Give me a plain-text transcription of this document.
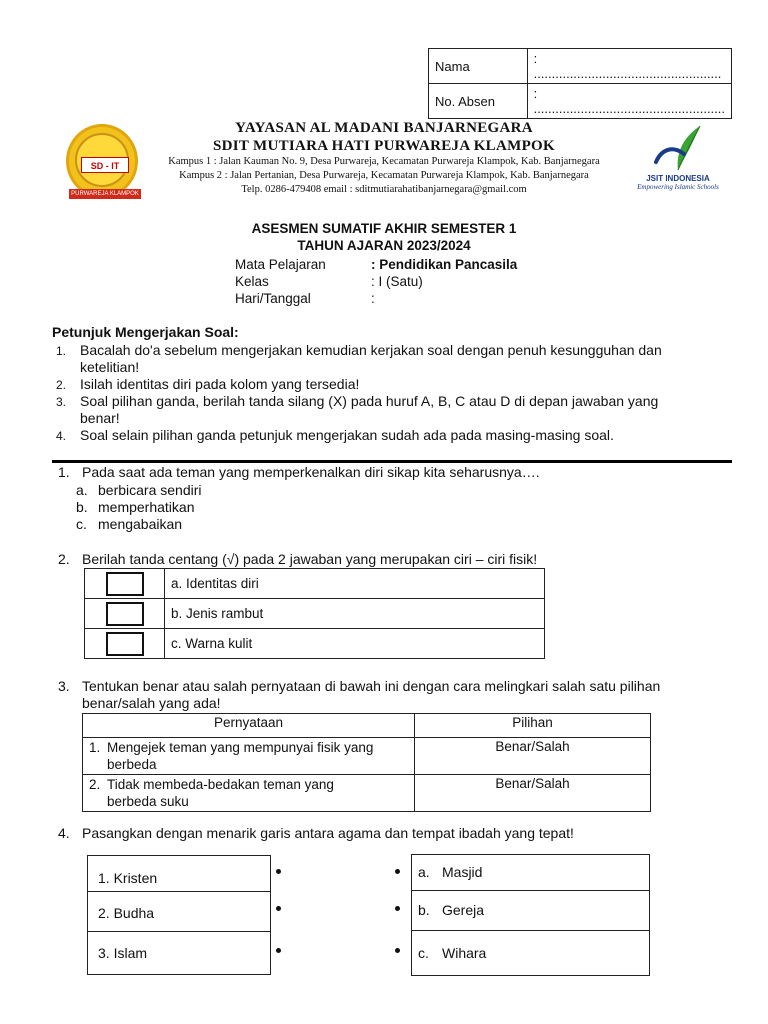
Nama	: ....................................................
No. Absen	: .....................................................
SD - IT
PURWAREJA KLAMPOK
YAYASAN AL MADANI BANJARNEGARA
SDIT MUTIARA HATI PURWAREJA KLAMPOK
Kampus 1 : Jalan Kauman No. 9, Desa Purwareja, Kecamatan Purwareja Klampok, Kab. Banjarnegara
Kampus 2 : Jalan Pertanian, Desa Purwareja, Kecamatan Purwareja Klampok, Kab. Banjarnegara
Telp. 0286-479408 email : sditmutiarahatibanjarnegara@gmail.com
JSIT INDONESIA
Empowering Islamic Schools
ASESMEN SUMATIF AKHIR SEMESTER 1
TAHUN AJARAN 2023/2024
Mata Pelajaran	: Pendidikan Pancasila
Kelas	: I (Satu)
Hari/Tanggal	:
Petunjuk Mengerjakan Soal:
1. Bacalah do'a sebelum mengerjakan kemudian kerjakan soal dengan penuh kesungguhan dan
ketelitian!
2. Isilah identitas diri pada kolom yang tersedia!
3. Soal pilihan ganda, berilah tanda silang (X) pada huruf A, B, C atau D di depan jawaban yang
benar!
4. Soal selain pilihan ganda petunjuk mengerjakan sudah ada pada masing-masing soal.
1. Pada saat ada teman yang memperkenalkan diri sikap kita seharusnya….
a. berbicara sendiri
b. memperhatikan
c. mengabaikan
2. Berilah tanda centang (√) pada 2 jawaban yang merupakan ciri – ciri fisik!
	a. Identitas diri
	b. Jenis rambut
	c. Warna kulit
3. Tentukan benar atau salah pernyataan di bawah ini dengan cara melingkari salah satu pilihan
benar/salah yang ada!
Pernyataan	Pilihan
1. Mengejek teman yang mempunyai fisik yang
berbeda	Benar/Salah
2. Tidak membeda-bedakan teman yang
berbeda suku	Benar/Salah
4. Pasangkan dengan menarik garis antara agama dan tempat ibadah yang tepat!
1. Kristen
2. Budha
3. Islam
a. Masjid
b. Gereja
c. Wihara
